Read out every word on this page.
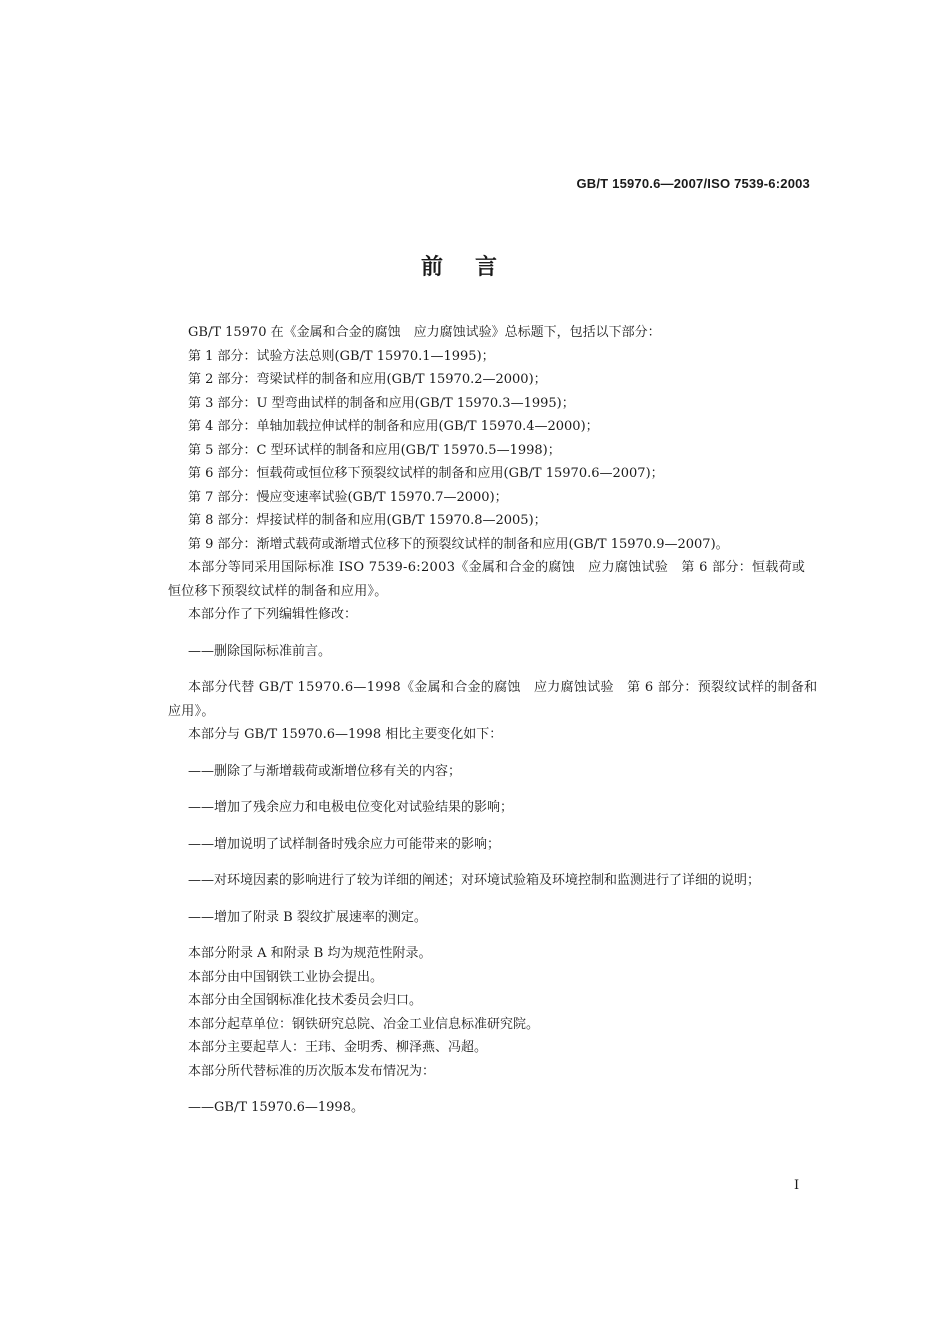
GB/T 15970.6—2007/ISO 7539-6:2003
前言

GB/T 15970 在《金属和合金的腐蚀　应力腐蚀试验》总标题下，包括以下部分：

第 1 部分：试验方法总则(GB/T 15970.1—1995)；

第 2 部分：弯梁试样的制备和应用(GB/T 15970.2—2000)；

第 3 部分：U 型弯曲试样的制备和应用(GB/T 15970.3—1995)；

第 4 部分：单轴加载拉伸试样的制备和应用(GB/T 15970.4—2000)；

第 5 部分：C 型环试样的制备和应用(GB/T 15970.5—1998)；

第 6 部分：恒载荷或恒位移下预裂纹试样的制备和应用(GB/T 15970.6—2007)；

第 7 部分：慢应变速率试验(GB/T 15970.7—2000)；

第 8 部分：焊接试样的制备和应用(GB/T 15970.8—2005)；

第 9 部分：渐增式载荷或渐增式位移下的预裂纹试样的制备和应用(GB/T 15970.9—2007)。

本部分等同采用国际标准 ISO 7539-6:2003《金属和合金的腐蚀　应力腐蚀试验　第 6 部分：恒载荷或恒位移下预裂纹试样的制备和应用》。

本部分作了下列编辑性修改：

——删除国际标准前言。

本部分代替 GB/T 15970.6—1998《金属和合金的腐蚀　应力腐蚀试验　第 6 部分：预裂纹试样的制备和应用》。

本部分与 GB/T 15970.6—1998 相比主要变化如下：

——删除了与渐增载荷或渐增位移有关的内容；

——增加了残余应力和电极电位变化对试验结果的影响；

——增加说明了试样制备时残余应力可能带来的影响；

——对环境因素的影响进行了较为详细的阐述；对环境试验箱及环境控制和监测进行了详细的说明；

——增加了附录 B 裂纹扩展速率的测定。

本部分附录 A 和附录 B 均为规范性附录。

本部分由中国钢铁工业协会提出。

本部分由全国钢标准化技术委员会归口。

本部分起草单位：钢铁研究总院、冶金工业信息标准研究院。

本部分主要起草人：王玮、金明秀、柳泽燕、冯超。

本部分所代替标准的历次版本发布情况为：

——GB/T 15970.6—1998。

I
